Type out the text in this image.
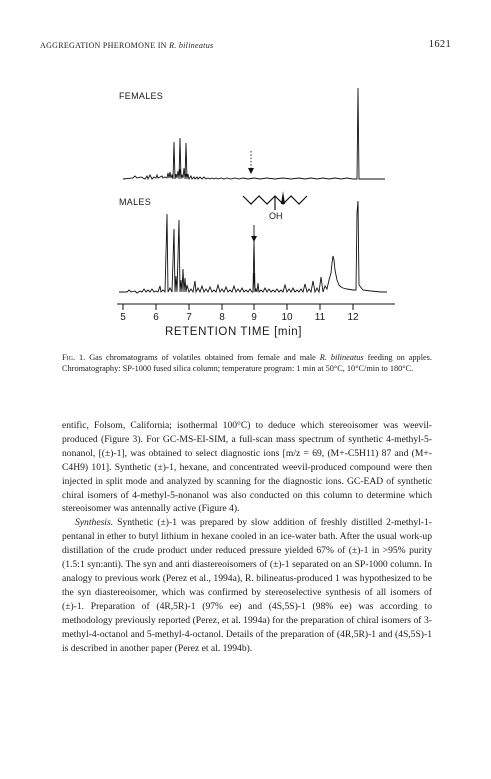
AGGREGATION PHEROMONE IN R. bilineatus	1621
FEMALES
MALES
OH
5	6	7	8	9	10	11	12
RETENTION TIME [min]
Fig. 1. Gas chromatograms of volatiles obtained from female and male R. bilineatus feeding on apples. Chromatography: SP-1000 fused silica column; temperature program: 1 min at 50°C, 10°C/min to 180°C.

entific, Folsom, California; isothermal 100°C) to deduce which stereoisomer was weevil-produced (Figure 3). For GC-MS-EI-SIM, a full-scan mass spectrum of synthetic 4-methyl-5-nonanol, [(±)-1], was obtained to select diagnostic ions [m/z = 69, (M+-C5H11) 87 and (M+-C4H9) 101]. Synthetic (±)-1, hexane, and concentrated weevil-produced compound were then injected in split mode and analyzed by scanning for the diagnostic ions. GC-EAD of synthetic chiral isomers of 4-methyl-5-nonanol was also conducted on this column to determine which stereoisomer was antennally active (Figure 4).

Synthesis. Synthetic (±)-1 was prepared by slow addition of freshly distilled 2-methyl-1-pentanal in ether to butyl lithium in hexane cooled in an ice-water bath. After the usual work-up distillation of the crude product under reduced pressure yielded 67% of (±)-1 in >95% purity (1.5:1 syn:anti). The syn and anti diastereoisomers of (±)-1 separated on an SP-1000 column. In analogy to previous work (Perez et al., 1994a), R. bilineatus-produced 1 was hypothesized to be the syn diastereoisomer, which was confirmed by stereoselective synthesis of all isomers of (±)-1. Preparation of (4R,5R)-1 (97% ee) and (4S,5S)-1 (98% ee) was according to methodology previously reported (Perez, et al. 1994a) for the preparation of chiral isomers of 3-methyl-4-octanol and 5-methyl-4-octanol. Details of the preparation of (4R,5R)-1 and (4S,5S)-1 is described in another paper (Perez et al. 1994b).
